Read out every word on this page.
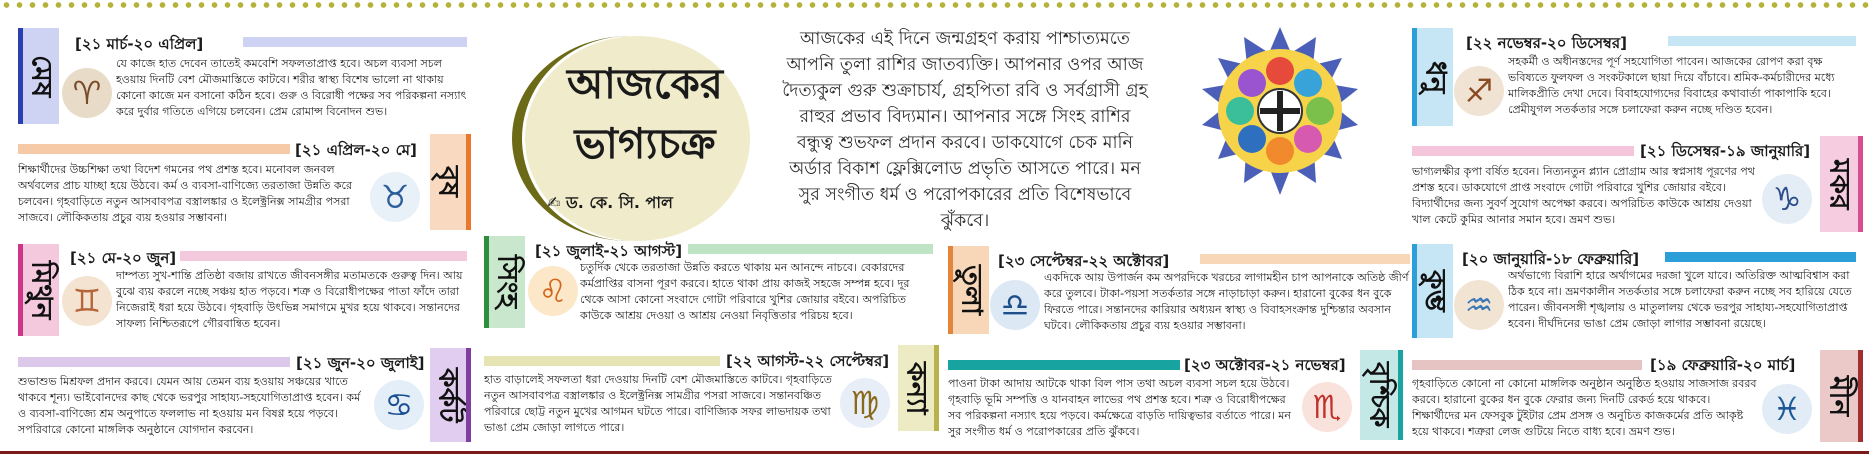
মেষ
[২১ মার্চ-২০ এপ্রিল]
♈
যে কাজে হাত দেবেন তাতেই কমবেশি সফলতাপ্রাপ্ত হবে। অচল ব্যবসা সচল হওয়ায় দিনটি বেশ মৌজমাস্তিতে কাটবে। শরীর স্বাস্থ্য বিশেষ ভালো না থাকায় কোনো কাজে মন বসানো কঠিন হবে। গুরু ও বিরোধী পক্ষের সব পরিকল্পনা নস্যাৎ করে দুর্বার গতিতে এগিয়ে চলবেন। প্রেম রোমান্স বিনোদন শুভ।
[২১ এপ্রিল-২০ মে]
বৃষ
♉
শিক্ষার্থীদের উচ্চশিক্ষা তথা বিদেশ গমনের পথ প্রশস্ত হবে। মনোবল জনবল অর্থবলের প্রাচ যাচ্ছা হয়ে উঠবে। কর্ম ও ব্যবসা-বাণিজ্যে তরতাজা উন্নতি করে চলবেন। গৃহবাড়িতে নতুন আসবাবপত্র বস্ত্রালঙ্কার ও ইলেক্ট্রনিক্স সামগ্রীর পসরা সাজবে। লৌকিকতায় প্রচুর ব্যয় হওয়ার সম্ভাবনা।
মিথুন
[২১ মে-২০ জুন]
♊
দাম্পত্য সুখ-শান্তি প্রতিষ্ঠা বজায় রাখতে জীবনসঙ্গীর মতামতকে গুরুত্ব দিন। আয় বুঝে ব্যয় করলে নচ্ছে সঞ্চয় হাত পড়বে। শত্রু ও বিরোধীপক্ষের পাতা ফাঁদে তারা নিজেরাই ধরা হয়ে উঠবে। গৃহবাড়ি উৎভিন্ন সমাগমে মুখর হয়ে থাকবে। সন্তানদের সাফল্য নিশ্চিতরূপে গৌরবান্বিত হবেন।
[২১ জুন-২০ জুলাই]
কর্কট
♋
শুভাশুভ মিশ্রফল প্রদান করবে। যেমন আয় তেমন ব্যয় হওয়ায় সঞ্চয়ের খাতে থাকবে শূন্য। ভাইবোনদের কাছ থেকে ভরপুর সাহায্য-সহযোগিতাপ্রাপ্ত হবেন। কর্ম ও ব্যবসা-বাণিজ্যে শ্রম অনুপাতে ফললাভ না হওয়ায় মন বিষণ্ণ হয়ে পড়বে। সপরিবারে কোনো মাঙ্গলিক অনুষ্ঠানে যোগদান করবেন।
আজকের
ভাগ্যচক্র
✍ ড. কে. সি. পাল
আজকের এই দিনে জন্মগ্রহণ করায় পাশ্চাত্যমতে আপনি তুলা রাশির জাতব্যক্তি। আপনার ওপর আজ দৈত্যকুল গুরু শুক্রাচার্য, গ্রহপিতা রবি ও সর্বগ্রাসী গ্রহ রাহুর প্রভাব বিদ্যমান। আপনার সঙ্গে সিংহ রাশির বন্ধুত্ব শুভফল প্রদান করবে। ডাকযোগে চেক মানি অর্ডার বিকাশ ফ্লেক্সিলোড প্রভৃতি আসতে পারে। মন সুর সংগীত ধর্ম ও পরোপকারের প্রতি বিশেষভাবে ঝুঁকবে।
সিংহ
[২১ জুলাই-২১ আগস্ট]
♌
চতুর্দিক থেকে তরতাজা উন্নতি করতে থাকায় মন আনন্দে নাচবে। বেকারদের কর্মপ্রাপ্তির বাসনা পূরণ করবে। হাতে থাকা প্রায় কাজই সহজে সম্পন্ন হবে। দূর থেকে আসা কোনো সংবাদে গোটা পরিবারে খুশির জোয়ার বইবে। অপরিচিত কাউকে আশ্রয় দেওয়া ও আশ্রয় নেওয়া নিবৃত্তিতার পরিচয় হবে।
[২২ আগস্ট-২২ সেপ্টেম্বর]
কন্যা
♍
হাত বাড়ালেই সফলতা ধরা দেওয়ায় দিনটি বেশ মৌজমাস্তিতে কাটবে। গৃহবাড়িতে নতুন আসবাবপত্র বস্ত্রালঙ্কার ও ইলেক্ট্রনিক্স সামগ্রীর পসরা সাজবে। সন্তানবঞ্চিত পরিবারে ছোট্ট নতুন মুখের আগমন ঘটতে পারে। বাণিজ্যিক সফর লাভদায়ক তথা ভাঙা প্রেম জোড়া লাগতে পারে।
তুলা
[২৩ সেপ্টেম্বর-২২ অক্টোবর]
♎
একদিকে আয় উপার্জন কম অপরদিকে খরচের লাগামহীন চাপ আপনাকে অতিষ্ঠ জীর্ণ করে তুলবে। টাকা-পয়সা সতর্কতার সঙ্গে নাড়াচাড়া করুন। হারানো বুকের ধন বুকে ফিরতে পারে। সন্তানদের কারিয়ার অধ্যয়ন স্বাস্থ্য ও বিবাহসংক্রান্ত দুশ্চিন্তার অবসান ঘটবে। লৌকিকতায় প্রচুর ব্যয় হওয়ার সম্ভাবনা।
[২৩ অক্টোবর-২১ নভেম্বর] বৃশ্চিক
♏
পাওনা টাকা আদায় আটকে থাকা বিল পাস তথা অচল ব্যবসা সচল হয়ে উঠবে। গৃহবাড়ি ভূমি সম্পত্তি ও যানবাহন লাভের পথ প্রশস্ত হবে। শত্রু ও বিরোধীপক্ষের সব পরিকল্পনা নস্যাৎ হয়ে পড়বে। কর্মক্ষেত্রে বাড়তি দায়িত্বভার বর্তাতে পারে। মন সুর সংগীত ধর্ম ও পরোপকারের প্রতি ঝুঁকবে।
ধনু
[২২ নভেম্বর-২০ ডিসেম্বর]
♐
সহকর্মী ও অধীনস্তদের পূর্ণ সহযোগিতা পাবেন। আজকের রোপণ করা বৃক্ষ ভবিষ্যতে ফুলফল ও সংকটকালে ছায়া দিয়ে বাঁচাবে। শ্রমিক-কর্মচারীদের মধ্যে মালিকপ্রীতি দেখা দেবে। বিবাহযোগ্যদের বিবাহের কথাবার্তা পাকাপাকি হবে। প্রেমীযুগল সতর্কতার সঙ্গে চলাফেরা করুন নচ্ছে দণ্ডিত হবেন।
[২১ ডিসেম্বর-১৯ জানুয়ারি]
মকর
♑
ভাগ্যলক্ষীর কৃপা বর্ষিত হবেন। নিত্যনতুন প্ল্যান প্রোগ্রাম আর স্বপ্নসাধ পূরণের পথ প্রশস্ত হবে। ডাকযোগে প্রাপ্ত সংবাদে গোটা পরিবারে খুশির জোয়ার বইবে। বিদ্যার্থীদের জন্য সুবর্ণ সুযোগ অপেক্ষা করবে। অপরিচিত কাউকে আশ্রয় দেওয়া খাল কেটে কুমির আনার সমান হবে। ভ্রমণ শুভ।
কুম্ভ
[২০ জানুয়ারি-১৮ ফেব্রুয়ারি]
♒
অর্থভাগ্যে বিরাশি হারে অর্থাগমের দরজা খুলে যাবে। অতিরিক্ত আত্মবিশ্বাস করা ঠিক হবে না। ভ্রমণকালীন সতর্কতার সঙ্গে চলাফেরা করুন নচ্ছে সব হারিয়ে যেতে পারেন। জীবনসঙ্গী শৃঙ্খলায় ও মাতুলালয় থেকে ভরপুর সাহায্য-সহযোগিতাপ্রাপ্ত হবেন। দীর্ঘদিনের ভাঙা প্রেম জোড়া লাগার সম্ভাবনা রয়েছে।
[১৯ ফেব্রুয়ারি-২০ মার্চ]
মীন
♓
গৃহবাড়িতে কোনো না কোনো মাঙ্গলিক অনুষ্ঠান অনুষ্ঠিত হওয়ায় সাজসাজ রবরব করবে। হারানো বুকের ধন বুকে ফেরার জন্য দিনটি রেকর্ড হয়ে থাকবে। শিক্ষার্থীদের মন ফেসবুক টুইটার প্রেম প্রসঙ্গ ও অনুচিত কাজকর্মের প্রতি আকৃষ্ট হয়ে থাকবে। শত্রুরা লেজ গুটিয়ে নিতে বাধ্য হবে। ভ্রমণ শুভ।
